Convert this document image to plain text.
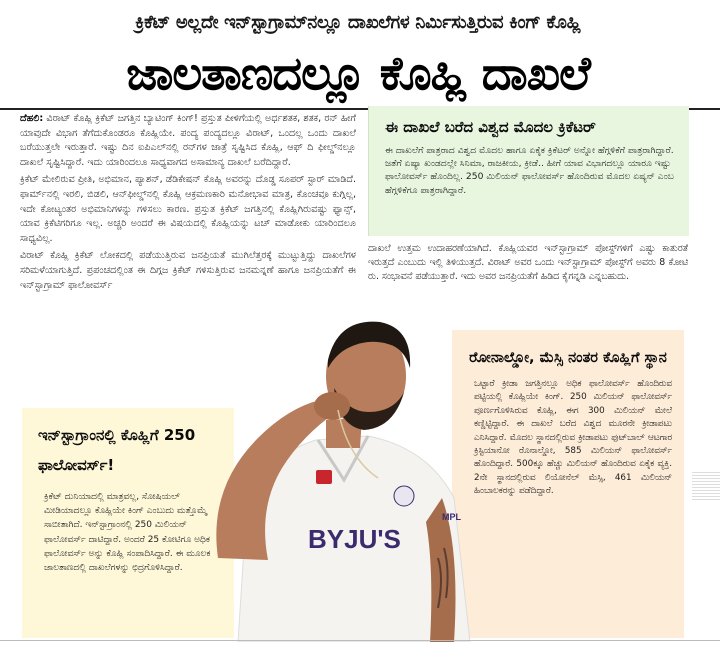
ಕ್ರಿಕೆಟ್ ಅಲ್ಲದೇ ಇನ್‌ಸ್ಟಾಗ್ರಾಮ್‌ನಲ್ಲೂ ದಾಖಲೆಗಳ ನಿರ್ಮಿಸುತ್ತಿರುವ ಕಿಂಗ್ ಕೊಹ್ಲಿ
ಜಾಲತಾಣದಲ್ಲೂ ಕೊಹ್ಲಿ ದಾಖಲೆ

ದೆಹಲಿ: ವಿರಾಟ್ ಕೊಹ್ಲಿ ಕ್ರಿಕೆಟ್ ಜಗತ್ತಿನ ಬ್ಯಾಟಿಂಗ್ ಕಿಂಗ್! ಪ್ರಸ್ತುತ ಪೀಳಿಗೆಯಲ್ಲಿ ಅರ್ಧಶತಕ, ಶತಕ, ರನ್ ಹೀಗೆ ಯಾವುದೇ ವಿಭಾಗ ತೆಗೆದುಕೊಂಡರೂ ಕೊಹ್ಲಿಯೇ. ಪಂದ್ಯ ಪಂದ್ಯದಲ್ಲೂ ವಿರಾಟ್, ಒಂದಲ್ಲ ಒಂದು ದಾಖಲೆ ಬರೆಯುತ್ತಲೇ ಇರುತ್ತಾರೆ. ಇಷ್ಟು ದಿನ ಐಪಿಎಲ್‌ನಲ್ಲಿ ರನ್‌ಗಳ ಜಾತ್ರೆ ಸೃಷ್ಟಿಸಿದ ಕೊಹ್ಲಿ, ಆಫ್ ದಿ ಫೀಲ್ಡ್‌ನಲ್ಲೂ ದಾಖಲೆ ಸೃಷ್ಟಿಸಿದ್ದಾರೆ. ಇದು ಯಾರಿಂದಲೂ ಸಾಧ್ಯವಾಗದ ಅಸಾಮಾನ್ಯ ದಾಖಲೆ ಬರೆದಿದ್ದಾರೆ.

ಕ್ರಿಕೆಟ್ ಮೇಲಿರುವ ಪ್ರೀತಿ, ಅಭಿಮಾನ, ಪ್ಯಾಶನ್, ಡೆಡಿಕೇಷನ್ ಕೊಹ್ಲಿ ಅವರನ್ನು ದೊಡ್ಡ ಸೂಪರ್ ಸ್ಟಾರ್ ಮಾಡಿದೆ. ಫಾರ್ಮ್‌ನಲ್ಲಿ ಇರಲಿ, ಬಿಡಲಿ, ಆನ್‌ಫೀಲ್ಡ್‌ನಲ್ಲಿ ಕೊಹ್ಲಿ ಆಕ್ರಮಣಕಾರಿ ಮನೋಭಾವ ಮಾತ್ರ, ಕೊಂಚವೂ ಕುಗ್ಗಿಲ್ಲ, ಇದೇ ಕೋಟ್ಯಂತರ ಅಭಿಮಾನಿಗಳನ್ನು ಗಳಿಸಲು ಕಾರಣ. ಪ್ರಸ್ತುತ ಕ್ರಿಕೆಟ್ ಜಗತ್ತಿನಲ್ಲಿ ಕೊಹ್ಲಿಗಿರುವಷ್ಟು ಫ್ಯಾನ್ಸ್, ಯಾವ ಕ್ರಿಕೆಟಿಗರಿಗೂ ಇಲ್ಲ. ಅಚ್ಚರಿ ಅಂದರೆ ಈ ವಿಷಯದಲ್ಲಿ ಕೊಹ್ಲಿಯನ್ನು ಟಚ್ ಮಾಡೋಕು ಯಾರಿಂದಲೂ ಸಾಧ್ಯವಿಲ್ಲ.

ವಿರಾಟ್ ಕೊಹ್ಲಿ ಕ್ರಿಕೆಟ್ ಲೋಕದಲ್ಲಿ ಪಡೆಯುತ್ತಿರುವ ಜನಪ್ರಿಯತೆ ಮುಗಿಲೆತ್ತರಕ್ಕೆ ಮುಟ್ಟುತ್ತಿದ್ದು ದಾಖಲೆಗಳ ಸರಿಮಳೆಯಾಗುತ್ತಿದೆ. ಪ್ರಪಂಚದಲ್ಲಿಂತ ಈ ದಿಗ್ಗಜ ಕ್ರಿಕೆಟ್ ಗಳಿಸುತ್ತಿರುವ ಜನಮನ್ನಣೆ ಹಾಗೂ ಜನಪ್ರಿಯತೆಗೆ ಈ ಇನ್‌ಸ್ಟಾಗ್ರಾಮ್ ಫಾಲೋವರ್ಸ್

ಈ ದಾಖಲೆ ಬರೆದ ವಿಶ್ವದ ಮೊದಲ ಕ್ರಿಕೆಟರ್
ಈ ದಾಖಲೆಗೆ ಪಾತ್ರರಾದ ವಿಶ್ವದ ಮೊದಲ ಹಾಗೂ ಏಕೈಕ ಕ್ರಿಕೆಟರ್ ಅನ್ನೋ ಹೆಗ್ಗಳಿಕೆಗೆ ಪಾತ್ರರಾಗಿದ್ದಾರೆ. ಜತೆಗೆ ಏಷ್ಯಾ ಖಂಡದಲ್ಲೇ ಸಿನಿಮಾ, ರಾಜಕೀಯ, ಕ್ರೀಡೆ.. ಹೀಗೆ ಯಾವ ವಿಭಾಗದಲ್ಲೂ ಯಾರೂ ಇಷ್ಟು ಫಾಲೋವರ್ಸ್ ಹೊಂದಿಲ್ಲ. 250 ಮಿಲಿಯನ್ ಫಾಲೋವರ್ಸ್ ಹೊಂದಿರುವ ಮೊದಲ ಏಷ್ಯನ್ ಎಂಬ ಹೆಗ್ಗಳಿಕೆಗೂ ಪಾತ್ರರಾಗಿದ್ದಾರೆ.

ದಾಖಲೆ ಉತ್ತಮ ಉದಾಹರಣೆಯಾಗಿದೆ. ಕೊಹ್ಲಿಯವರ ಇನ್‌ಸ್ಟಾಗ್ರಾಮ್ ಪೋಸ್ಟ್‌ಗಳಿಗೆ ಎಷ್ಟು ಕಾತುರತೆ ಇರುತ್ತದೆ ಎಂಬುದು ಇಲ್ಲಿ ತಿಳಿಯುತ್ತದೆ. ವಿರಾಟ್ ಅವರ ಒಂದು ಇನ್‌ಸ್ಟಾಗ್ರಾಮ್ ಪೋಸ್ಟ್‌ಗೆ ಅವರು 8 ಕೋಟಿ ರು. ಸಂಭಾವನೆ ಪಡೆಯುತ್ತಾರೆ. ಇದು ಅವರ ಜನಪ್ರಿಯತೆಗೆ ಹಿಡಿದ ಕೈಗನ್ನಡಿ ಎನ್ನಬಹುದು.

ರೋನಾಲ್ಡೋ, ಮೆಸ್ಸಿ ನಂತರ ಕೊಹ್ಲಿಗೆ ಸ್ಥಾನ
ಒಟ್ಟಾರೆ ಕ್ರೀಡಾ ಜಗತ್ತಿನಲ್ಲೂ ಅಧಿಕ ಫಾಲೋವರ್ಸ್ ಹೊಂದಿರುವ ಪಟ್ಟಿಯಲ್ಲಿ ಕೊಹ್ಲಿಯೇ ಕಿಂಗ್. 250 ಮಿಲಿಯನ್ ಫಾಲೋವರ್ಸ್ ಪೂರ್ಣಗೊಳಿಸಿರುವ ಕೊಹ್ಲಿ, ಈಗ 300 ಮಿಲಿಯನ್ ಮೇಲೆ ಕಣ್ಣಿಟ್ಟಿದ್ದಾರೆ. ಈ ದಾಖಲೆ ಬರೆದ ವಿಶ್ವದ ಮೂರನೇ ಕ್ರೀಡಾಪಟು ಎನಿಸಿದ್ದಾರೆ. ಮೊದಲ ಸ್ಥಾನದಲ್ಲಿರುವ ಕ್ರೀಡಾಪಟು ಫುಟ್‌ಬಾಲ್ ಆಟಗಾರ ಕ್ರಿಸ್ಟಿಯಾನೋ ರೊನಾಲ್ಡೋ, 585 ಮಿಲಿಯನ್ ಫಾಲೋವರ್ಸ್ ಹೊಂದಿದ್ದಾರೆ. 500ಕ್ಕೂ ಹೆಚ್ಚು ಮಿಲಿಯನ್ ಹೊಂದಿರುವ ಏಕೈಕ ವ್ಯಕ್ತಿ. 2ನೇ ಸ್ಥಾನದಲ್ಲಿರುವ ಲಿಯೋನೆಲ್ ಮೆಸ್ಸಿ, 461 ಮಿಲಿಯನ್ ಹಿಂಬಾಲಕರನ್ನು ಪಡೆದಿದ್ದಾರೆ.
ಇನ್‌ಸ್ಟಾಗ್ರಾಂನಲ್ಲಿ ಕೊಹ್ಲಿಗೆ 250 ಫಾಲೋವರ್ಸ್!
ಕ್ರಿಕೆಟ್ ದುನಿಯಾದಲ್ಲಿ ಮಾತ್ರವಲ್ಲ, ಸೋಷಿಯಲ್ ಮೀಡಿಯಾದಲ್ಲೂ ಕೊಹ್ಲಿಯೇ ಕಿಂಗ್ ಎಂಬುದು ಮತ್ತೊಮ್ಮೆ ಸಾಬೀತಾಗಿದೆ. ಇನ್‌ಸ್ಟಾಗ್ರಾಂನಲ್ಲಿ 250 ಮಿಲಿಯನ್ ಫಾಲೋವರ್ಸ್ ದಾಟಿದ್ದಾರೆ. ಅಂದರೆ 25 ಕೋಟಿಗೂ ಅಧಿಕ ಫಾಲೋವರ್ಸ್ ಅನ್ನು ಕೊಹ್ಲಿ ಸಂಪಾದಿಸಿದ್ದಾರೆ. ಈ ಮೂಲಕ ಜಾಲತಾಣದಲ್ಲಿ ದಾಖಲೆಗಳನ್ನು ಛಿದ್ರಗೊಳಿಸಿದ್ದಾರೆ.
BYJU'S
MPL
